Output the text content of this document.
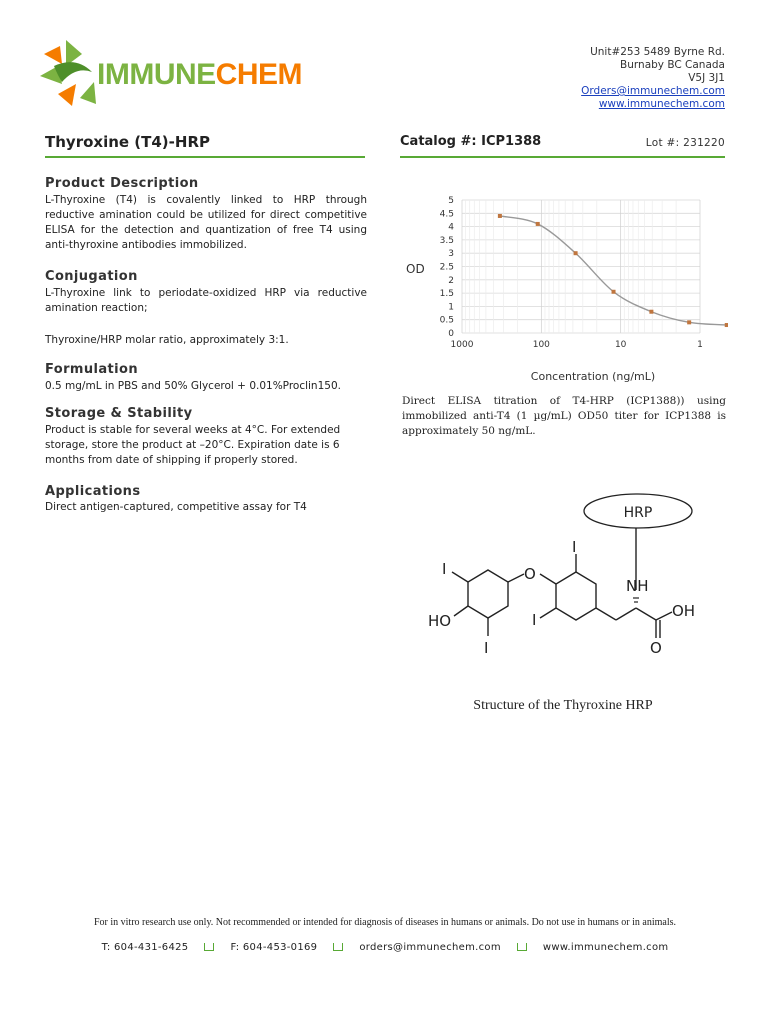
IMMUNECHEM
Unit#253 5489 Byrne Rd.
Burnaby BC Canada
V5J 3J1
Orders@immunechem.com
www.immunechem.com
Thyroxine (T4)-HRP	Catalog #: ICP1388	Lot #: 231220
Product Description
L-Thyroxine (T4) is covalently linked to HRP through reductive amination could be utilized for direct competitive ELISA for the detection and quantization of free T4 using anti-thyroxine antibodies immobilized.
Conjugation
L-Thyroxine link to periodate-oxidized HRP via reductive amination reaction;
Thyroxine/HRP molar ratio, approximately 3:1.
Formulation
0.5 mg/mL in PBS and 50% Glycerol + 0.01%Proclin150.
Storage & Stability
Product is stable for several weeks at 4°C. For extended storage, store the product at –20°C. Expiration date is 6 months from date of shipping if properly stored.
Applications
Direct antigen-captured, competitive assay for T4
5
4.5
4
3.5
3
2.5
2
1.5
1
0.5
0
1000	100	10	1
OD
Concentration (ng/mL)
Direct ELISA titration of T4-HRP (ICP1388)) using immobilized anti-T4 (1 µg/mL) OD50 titer for ICP1388 is approximately 50 ng/mL.
HRP
I
HO
I
O
I
I
NH
OH
O
Structure of the Thyroxine HRP
For in vitro research use only. Not recommended or intended for diagnosis of diseases in humans or animals. Do not use in humans or in animals.
T: 604-431-6425	F: 604-453-0169	orders@immunechem.com	www.immunechem.com
